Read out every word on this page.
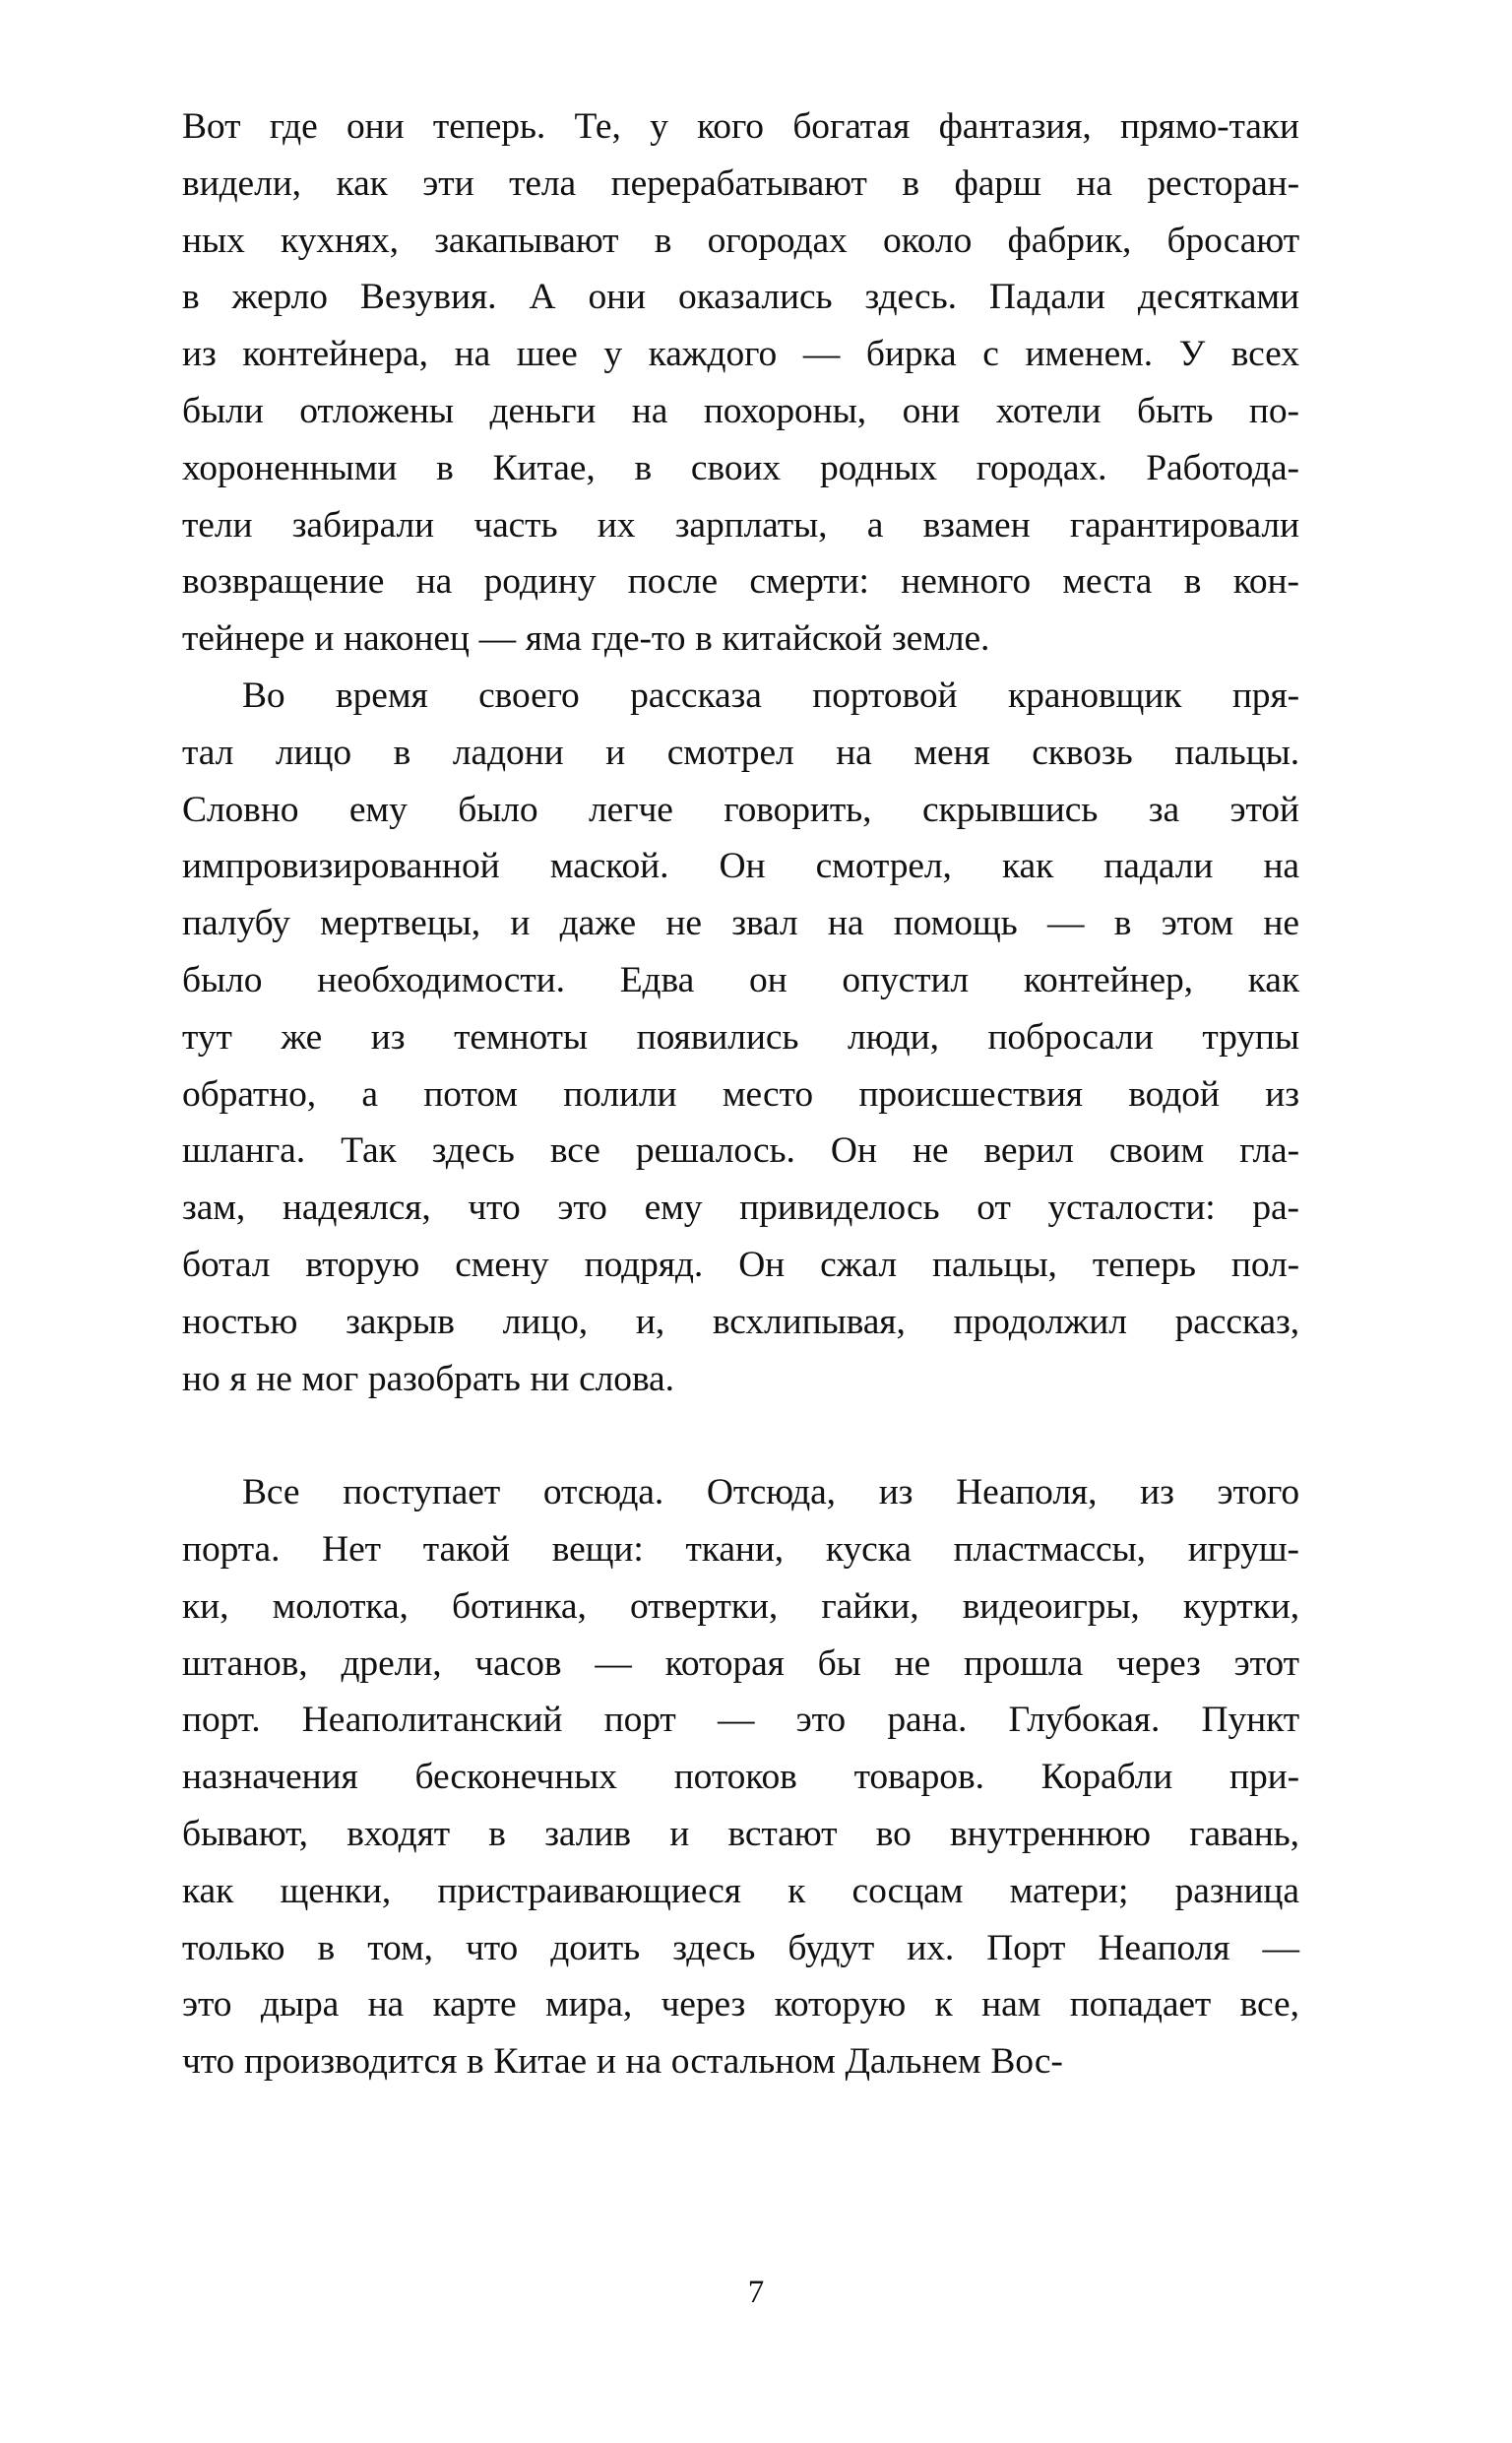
Вот где они теперь. Те, у кого богатая фантазия, прямо-таки
видели, как эти тела перерабатывают в фарш на ресторан-
ных кухнях, закапывают в огородах около фабрик, бросают
в жерло Везувия. А они оказались здесь. Падали десятками
из контейнера, на шее у каждого — бирка с именем. У всех
были отложены деньги на похороны, они хотели быть по-
хороненными в Китае, в своих родных городах. Работода-
тели забирали часть их зарплаты, а взамен гарантировали
возвращение на родину после смерти: немного места в кон-
тейнере и наконец — яма где-то в китайской земле.
Во время своего рассказа портовой крановщик пря-
тал лицо в ладони и смотрел на меня сквозь пальцы.
Словно ему было легче говорить, скрывшись за этой
импровизированной маской. Он смотрел, как падали на
палубу мертвецы, и даже не звал на помощь — в этом не
было необходимости. Едва он опустил контейнер, как
тут же из темноты появились люди, побросали трупы
обратно, а потом полили место происшествия водой из
шланга. Так здесь все решалось. Он не верил своим гла-
зам, надеялся, что это ему привиделось от усталости: ра-
ботал вторую смену подряд. Он сжал пальцы, теперь пол-
ностью закрыв лицо, и, всхлипывая, продолжил рассказ,
но я не мог разобрать ни слова.
Все поступает отсюда. Отсюда, из Неаполя, из этого
порта. Нет такой вещи: ткани, куска пластмассы, игруш-
ки, молотка, ботинка, отвертки, гайки, видеоигры, куртки,
штанов, дрели, часов — которая бы не прошла через этот
порт. Неаполитанский порт — это рана. Глубокая. Пункт
назначения бесконечных потоков товаров. Корабли при-
бывают, входят в залив и встают во внутреннюю гавань,
как щенки, пристраивающиеся к сосцам матери; разница
только в том, что доить здесь будут их. Порт Неаполя —
это дыра на карте мира, через которую к нам попадает все,
что производится в Китае и на остальном Дальнем Вос-
7
